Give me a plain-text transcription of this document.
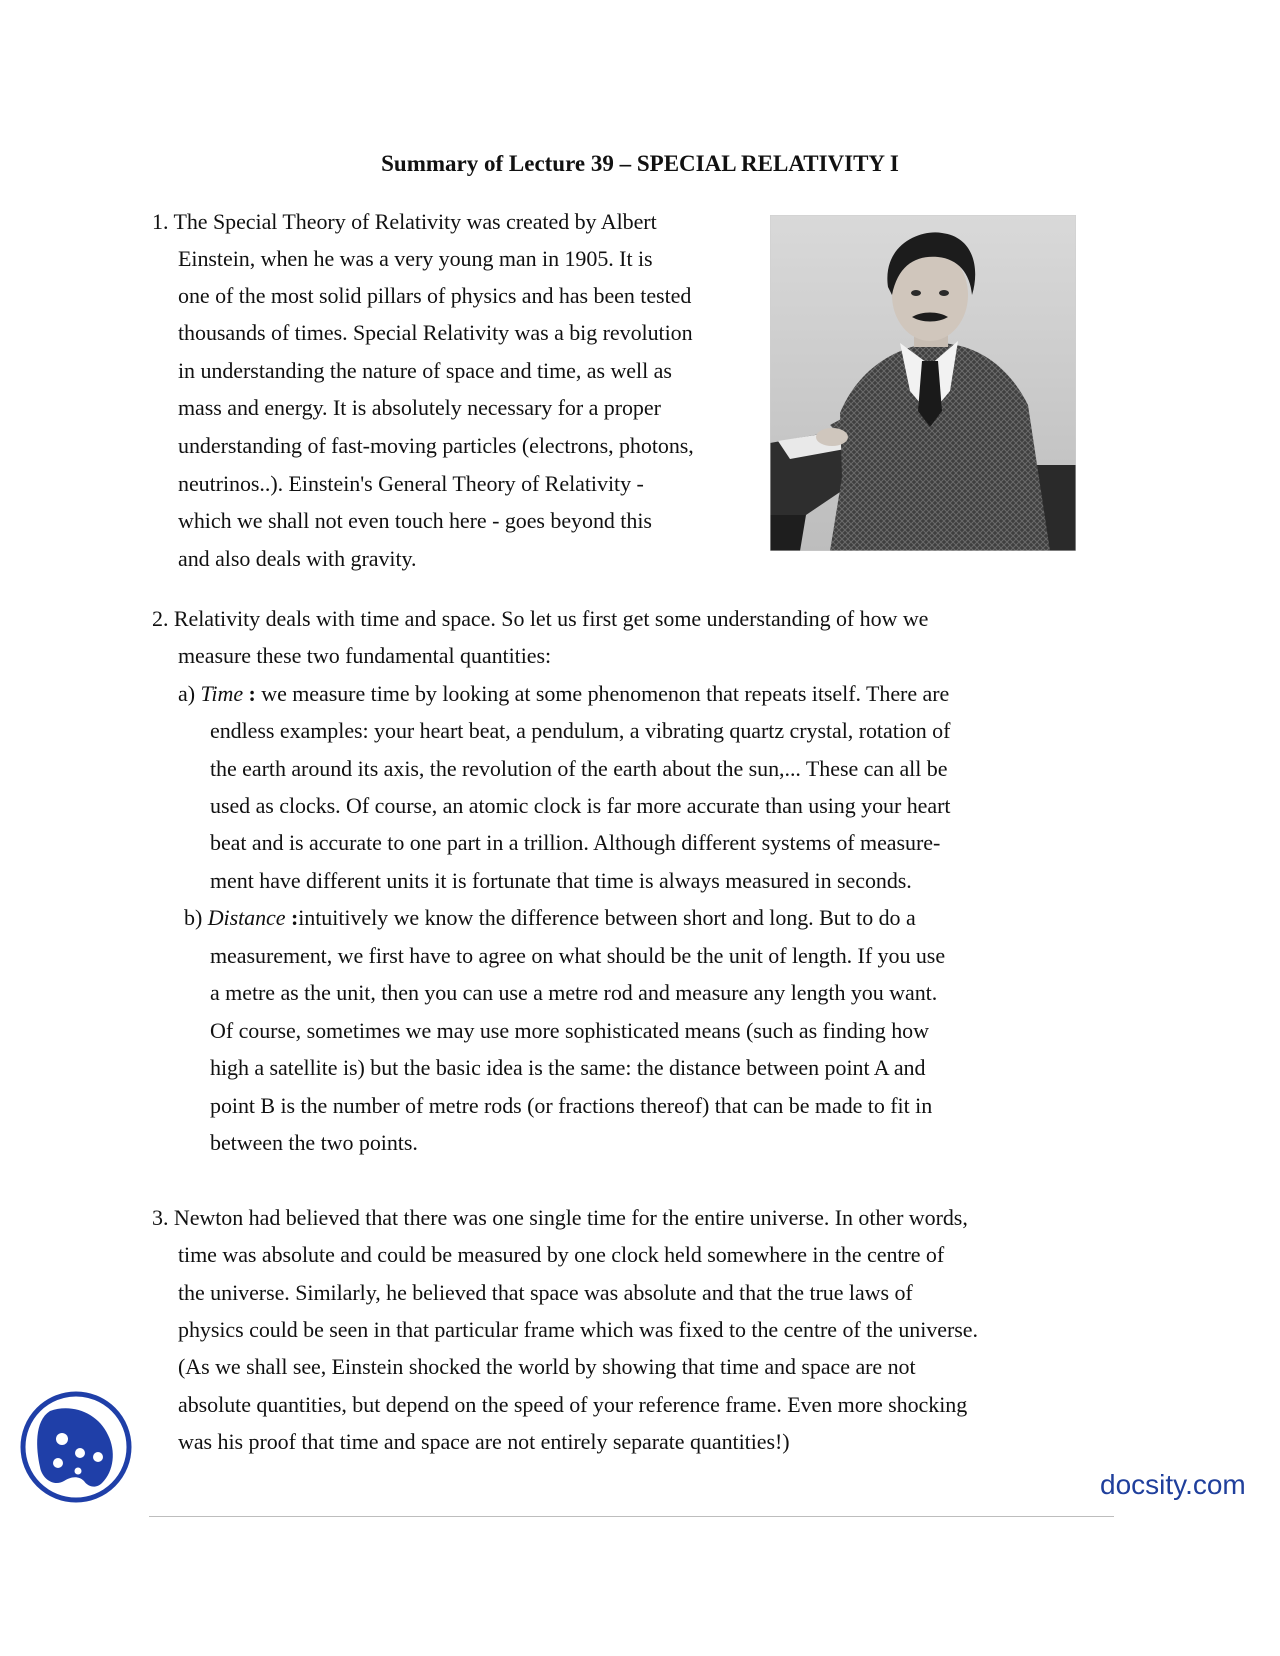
Summary of Lecture 39 – SPECIAL RELATIVITY I
1. The Special Theory of Relativity was created by Albert
Einstein, when he was a very young man in 1905. It is
one of the most solid pillars of physics and has been tested
thousands of times. Special Relativity was a big revolution
in understanding the nature of space and time, as well as
mass and energy. It is absolutely necessary for a proper
understanding of fast-moving particles (electrons, photons,
neutrinos..). Einstein's General Theory of Relativity -
which we shall not even touch here - goes beyond this
and also deals with gravity.
2. Relativity deals with time and space. So let us first get some understanding of how we
measure these two fundamental quantities:
a) Time : we measure time by looking at some phenomenon that repeats itself. There are
endless examples: your heart beat, a pendulum, a vibrating quartz crystal, rotation of
the earth around its axis, the revolution of the earth about the sun,... These can all be
used as clocks. Of course, an atomic clock is far more accurate than using your heart
beat and is accurate to one part in a trillion. Although different systems of measure-
ment have different units it is fortunate that time is always measured in seconds.
b) Distance :intuitively we know the difference between short and long. But to do a
measurement, we first have to agree on what should be the unit of length. If you use
a metre as the unit, then you can use a metre rod and measure any length you want.
Of course, sometimes we may use more sophisticated means (such as finding how
high a satellite is) but the basic idea is the same: the distance between point A and
point B is the number of metre rods (or fractions thereof) that can be made to fit in
between the two points.
3. Newton had believed that there was one single time for the entire universe. In other words,
time was absolute and could be measured by one clock held somewhere in the centre of
the universe. Similarly, he believed that space was absolute and that the true laws of
physics could be seen in that particular frame which was fixed to the centre of the universe.
(As we shall see, Einstein shocked the world by showing that time and space are not
absolute quantities, but depend on the speed of your reference frame. Even more shocking
was his proof that time and space are not entirely separate quantities!)
docsity.com
